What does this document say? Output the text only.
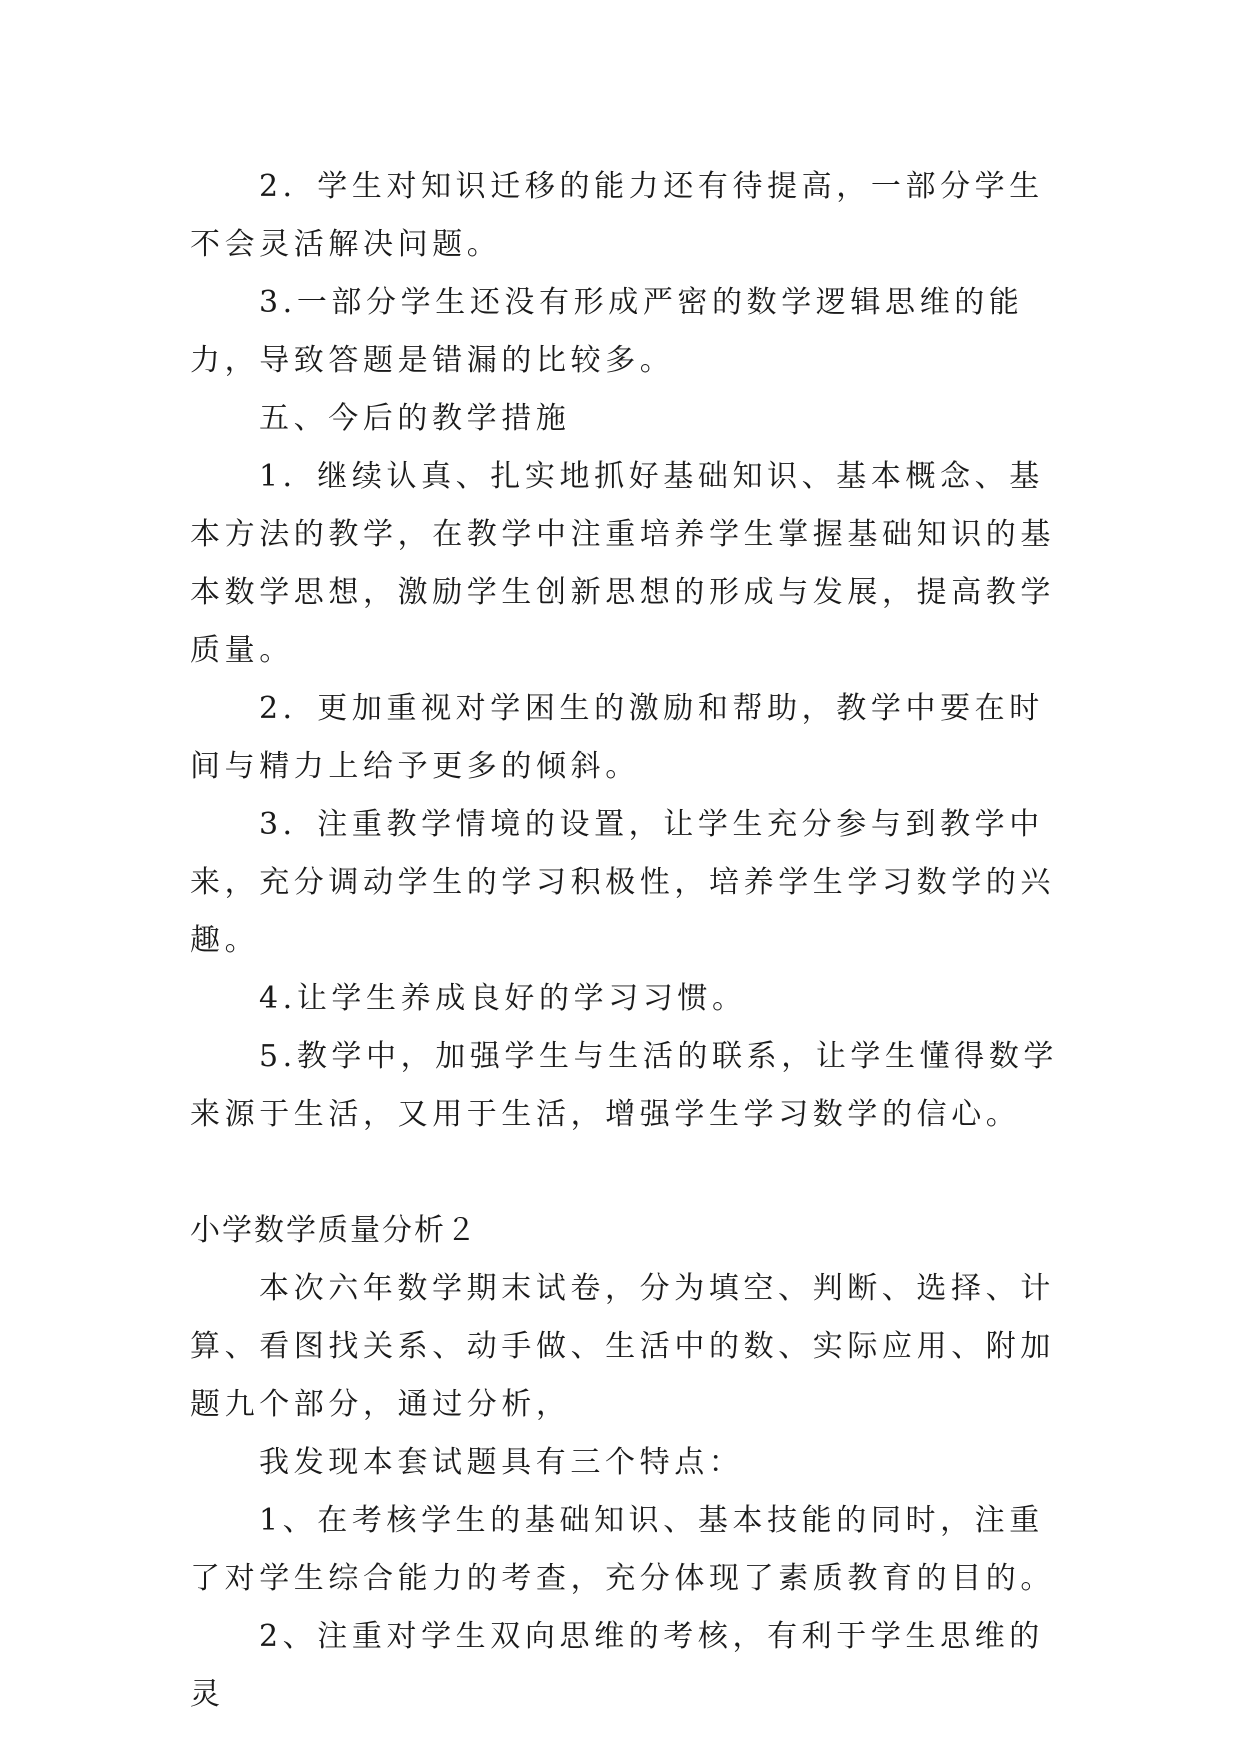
2．学生对知识迁移的能力还有待提高，一部分学生不会灵活解决问题。

3.一部分学生还没有形成严密的数学逻辑思维的能力，导致答题是错漏的比较多。

五、今后的教学措施

1．继续认真、扎实地抓好基础知识、基本概念、基本方法的教学，在教学中注重培养学生掌握基础知识的基本数学思想，激励学生创新思想的形成与发展，提高教学质量。

2．更加重视对学困生的激励和帮助，教学中要在时间与精力上给予更多的倾斜。

3．注重教学情境的设置，让学生充分参与到教学中来，充分调动学生的学习积极性，培养学生学习数学的兴趣。

4.让学生养成良好的学习习惯。

5.教学中，加强学生与生活的联系，让学生懂得数学来源于生活，又用于生活，增强学生学习数学的信心。

小学数学质量分析２

本次六年数学期末试卷，分为填空、判断、选择、计算、看图找关系、动手做、生活中的数、实际应用、附加题九个部分，通过分析，

我发现本套试题具有三个特点：

1、在考核学生的基础知识、基本技能的同时，注重了对学生综合能力的考查，充分体现了素质教育的目的。

2、注重对学生双向思维的考核，有利于学生思维的灵
